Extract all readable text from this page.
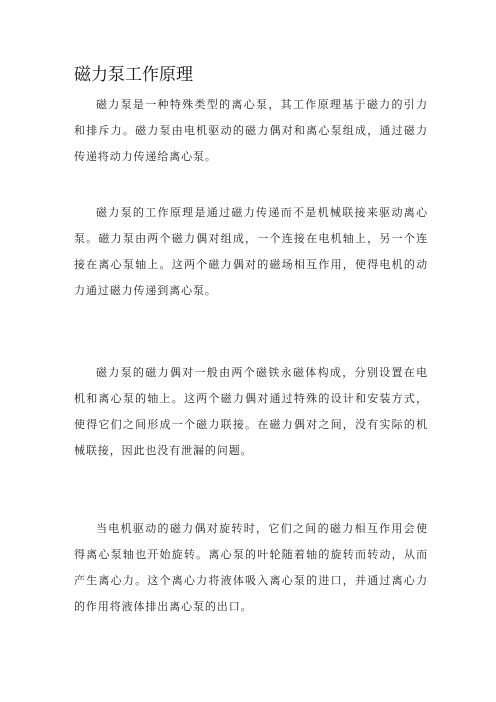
磁力泵工作原理

磁力泵是一种特殊类型的离心泵，其工作原理基于磁力的引力和排斥力。磁力泵由电机驱动的磁力偶对和离心泵组成，通过磁力传递将动力传递给离心泵。

磁力泵的工作原理是通过磁力传递而不是机械联接来驱动离心泵。磁力泵由两个磁力偶对组成，一个连接在电机轴上，另一个连接在离心泵轴上。这两个磁力偶对的磁场相互作用，使得电机的动力通过磁力传递到离心泵。

磁力泵的磁力偶对一般由两个磁铁永磁体构成，分别设置在电机和离心泵的轴上。这两个磁力偶对通过特殊的设计和安装方式，使得它们之间形成一个磁力联接。在磁力偶对之间，没有实际的机械联接，因此也没有泄漏的问题。

当电机驱动的磁力偶对旋转时，它们之间的磁力相互作用会使得离心泵轴也开始旋转。离心泵的叶轮随着轴的旋转而转动，从而产生离心力。这个离心力将液体吸入离心泵的进口，并通过离心力的作用将液体排出离心泵的出口。
